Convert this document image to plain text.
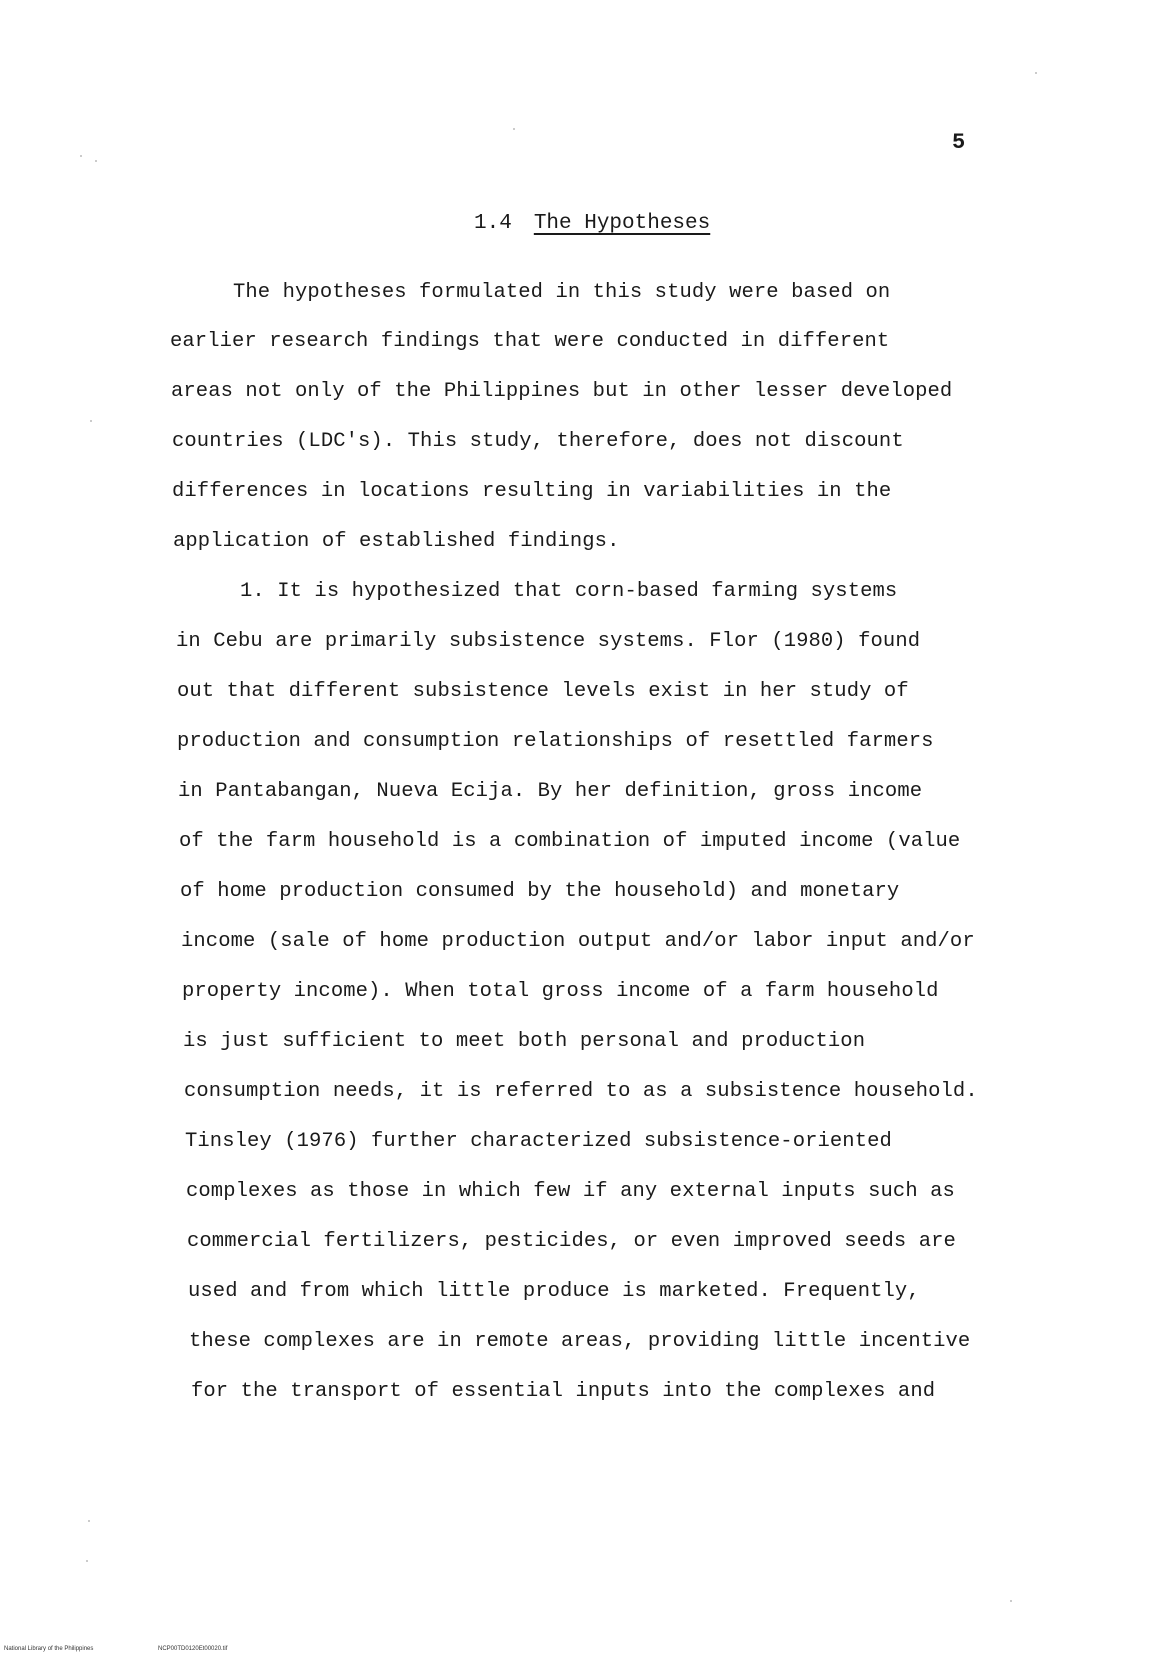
5
1.4 The Hypotheses
The hypotheses formulated in this study were based on
earlier research findings that were conducted in different
areas not only of the Philippines but in other lesser developed
countries (LDC's). This study, therefore, does not discount
differences in locations resulting in variabilities in the
application of established findings.
1. It is hypothesized that corn-based farming systems
in Cebu are primarily subsistence systems. Flor (1980) found
out that different subsistence levels exist in her study of
production and consumption relationships of resettled farmers
in Pantabangan, Nueva Ecija. By her definition, gross income
of the farm household is a combination of imputed income (value
of home production consumed by the household) and monetary
income (sale of home production output and/or labor input and/or
property income). When total gross income of a farm household
is just sufficient to meet both personal and production
consumption needs, it is referred to as a subsistence household.
Tinsley (1976) further characterized subsistence-oriented
complexes as those in which few if any external inputs such as
commercial fertilizers, pesticides, or even improved seeds are
used and from which little produce is marketed. Frequently,
these complexes are in remote areas, providing little incentive
for the transport of essential inputs into the complexes and
National Library of the Philippines	NCP00TD0120Et00020.tif
